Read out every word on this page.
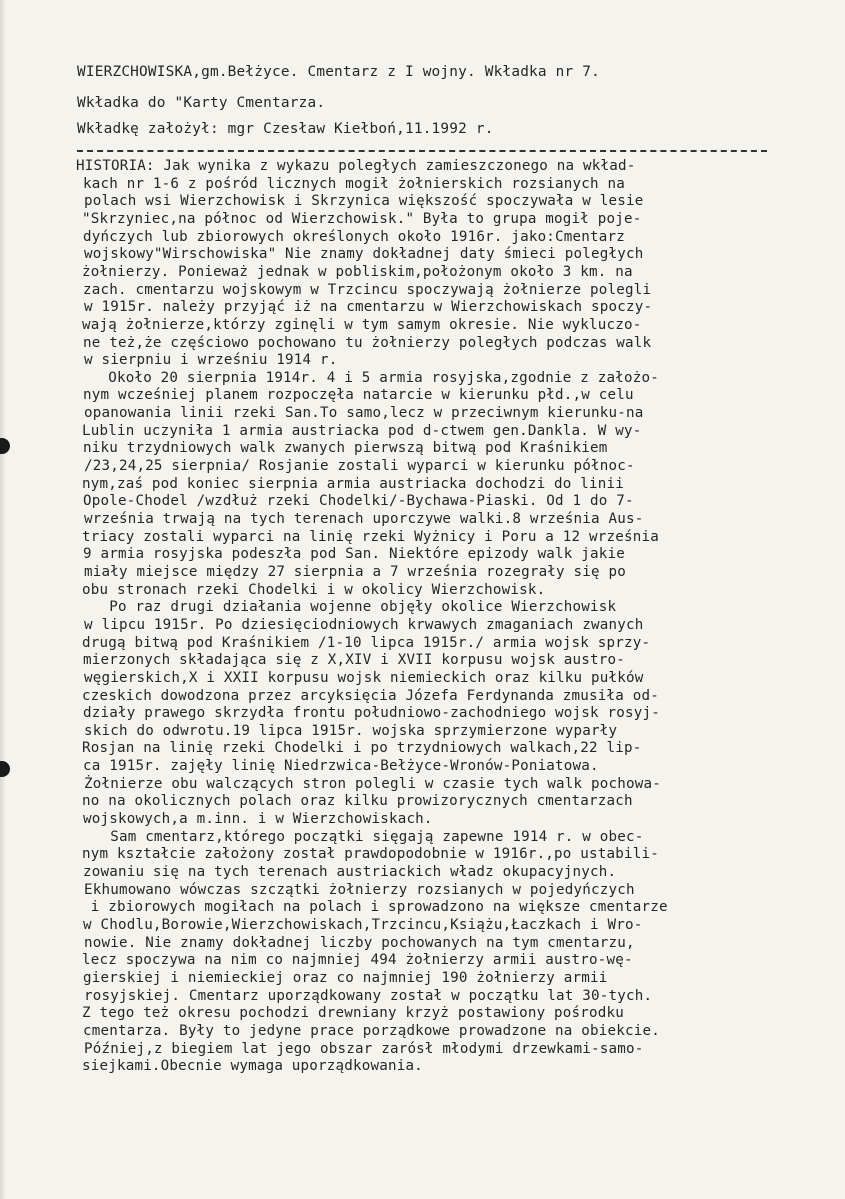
WIERZCHOWISKA,gm.Bełżyce. Cmentarz z I wojny. Wkładka nr 7.
Wkładka do "Karty Cmentarza.
Wkładkę założył: mgr Czesław Kiełboń,11.1992 r.
HISTORIA: Jak wynika z wykazu poległych zamieszczonego na wkład-
kach nr 1-6 z pośród licznych mogił żołnierskich rozsianych na
polach wsi Wierzchowisk i Skrzynica większość spoczywała w lesie
"Skrzyniec,na północ od Wierzchowisk." Była to grupa mogił poje-
dyńczych lub zbiorowych określonych około 1916r. jako:Cmentarz
wojskowy"Wirschowiska" Nie znamy dokładnej daty śmieci poległych
żołnierzy. Ponieważ jednak w pobliskim,położonym około 3 km. na
zach. cmentarzu wojskowym w Trzcincu spoczywają żołnierze polegli
w 1915r. należy przyjąć iż na cmentarzu w Wierzchowiskach spoczy-
wają żołnierze,którzy zginęli w tym samym okresie. Nie wykluczo-
ne też,że częściowo pochowano tu żołnierzy poległych podczas walk
w sierpniu i wrześniu 1914 r.
Około 20 sierpnia 1914r. 4 i 5 armia rosyjska,zgodnie z założo-
nym wcześniej planem rozpoczęła natarcie w kierunku płd.,w celu
opanowania linii rzeki San.To samo,lecz w przeciwnym kierunku-na
Lublin uczyniła 1 armia austriacka pod d-ctwem gen.Dankla. W wy-
niku trzydniowych walk zwanych pierwszą bitwą pod Kraśnikiem
/23,24,25 sierpnia/ Rosjanie zostali wyparci w kierunku północ-
nym,zaś pod koniec sierpnia armia austriacka dochodzi do linii
Opole-Chodel /wzdłuż rzeki Chodelki/-Bychawa-Piaski. Od 1 do 7-
września trwają na tych terenach uporczywe walki.8 września Aus-
triacy zostali wyparci na linię rzeki Wyżnicy i Poru a 12 września
9 armia rosyjska podeszła pod San. Niektóre epizody walk jakie
miały miejsce między 27 sierpnia a 7 września rozegrały się po
obu stronach rzeki Chodelki i w okolicy Wierzchowisk.
Po raz drugi działania wojenne objęły okolice Wierzchowisk
w lipcu 1915r. Po dziesięciodniowych krwawych zmaganiach zwanych
drugą bitwą pod Kraśnikiem /1-10 lipca 1915r./ armia wojsk sprzy-
mierzonych składająca się z X,XIV i XVII korpusu wojsk austro-
węgierskich,X i XXII korpusu wojsk niemieckich oraz kilku pułków
czeskich dowodzona przez arcyksięcia Józefa Ferdynanda zmusiła od-
działy prawego skrzydła frontu południowo-zachodniego wojsk rosyj-
skich do odwrotu.19 lipca 1915r. wojska sprzymierzone wyparły
Rosjan na linię rzeki Chodelki i po trzydniowych walkach,22 lip-
ca 1915r. zajęły linię Niedrzwica-Bełżyce-Wronów-Poniatowa.
Żołnierze obu walczących stron polegli w czasie tych walk pochowa-
no na okolicznych polach oraz kilku prowizorycznych cmentarzach
wojskowych,a m.inn. i w Wierzchowiskach.
Sam cmentarz,którego początki sięgają zapewne 1914 r. w obec-
nym kształcie założony został prawdopodobnie w 1916r.,po ustabili-
zowaniu się na tych terenach austriackich władz okupacyjnych.
Ekhumowano wówczas szczątki żołnierzy rozsianych w pojedyńczych
i zbiorowych mogiłach na polach i sprowadzono na większe cmentarze
w Chodlu,Borowie,Wierzchowiskach,Trzcincu,Książu,Łaczkach i Wro-
nowie. Nie znamy dokładnej liczby pochowanych na tym cmentarzu,
lecz spoczywa na nim co najmniej 494 żołnierzy armii austro-wę-
gierskiej i niemieckiej oraz co najmniej 190 żołnierzy armii
rosyjskiej. Cmentarz uporządkowany został w początku lat 30-tych.
Z tego też okresu pochodzi drewniany krzyż postawiony pośrodku
cmentarza. Były to jedyne prace porządkowe prowadzone na obiekcie.
Później,z biegiem lat jego obszar zarósł młodymi drzewkami-samo-
siejkami.Obecnie wymaga uporządkowania.
